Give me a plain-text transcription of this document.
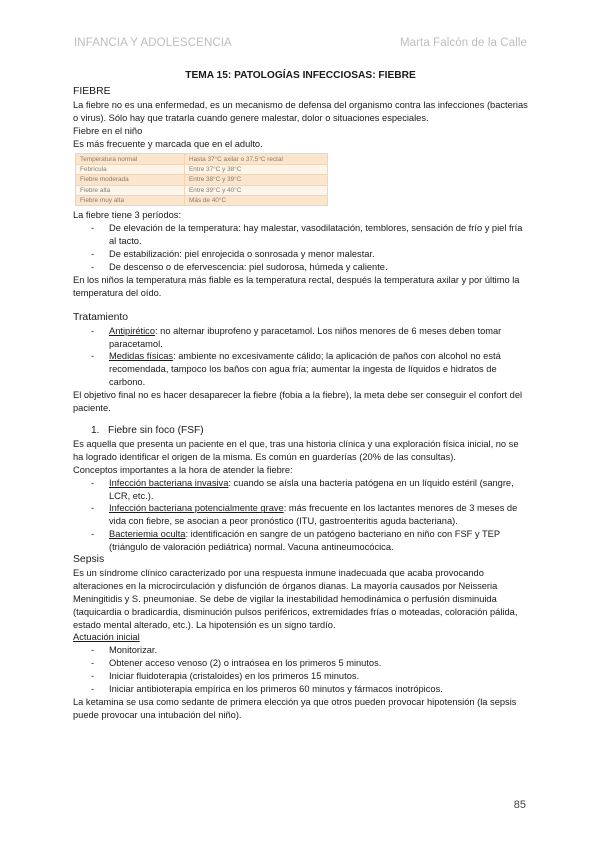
INFANCIA Y ADOLESCENCIA	Marta Falcón de la Calle
TEMA 15: PATOLOGÍAS INFECCIOSAS: FIEBRE

FIEBRE

La fiebre no es una enfermedad, es un mecanismo de defensa del organismo contra las infecciones (bacterias o virus). Sólo hay que tratarla cuando genere malestar, dolor o situaciones especiales.

Fiebre en el niño

Es más frecuente y marcada que en el adulto.

Temperatura normal	Hasta 37°C axilar o 37,5°C rectal
Febrícula	Entre 37°C y 38°C
Fiebre moderada	Entre 38°C y 39°C
Fiebre alta	Entre 39°C y 40°C
Fiebre muy alta	Más de 40°C

La fiebre tiene 3 períodos:

- De elevación de la temperatura: hay malestar, vasodilatación, temblores, sensación de frío y piel fría al tacto.
- De estabilización: piel enrojecida o sonrosada y menor malestar.
- De descenso o de efervescencia: piel sudorosa, húmeda y caliente.

En los niños la temperatura más fiable es la temperatura rectal, después la temperatura axilar y por último la temperatura del oído.

Tratamiento

- Antipirético: no alternar ibuprofeno y paracetamol. Los niños menores de 6 meses deben tomar paracetamol.
- Medidas físicas: ambiente no excesivamente cálido; la aplicación de paños con alcohol no está recomendada, tampoco los baños con agua fría; aumentar la ingesta de líquidos e hidratos de carbono.

El objetivo final no es hacer desaparecer la fiebre (fobia a la fiebre), la meta debe ser conseguir el confort del paciente.

1. Fiebre sin foco (FSF)

Es aquella que presenta un paciente en el que, tras una historia clínica y una exploración física inicial, no se ha logrado identificar el origen de la misma. Es común en guarderías (20% de las consultas).

Conceptos importantes a la hora de atender la fiebre:

- Infección bacteriana invasiva: cuando se aísla una bacteria patógena en un líquido estéril (sangre, LCR, etc.).
- Infección bacteriana potencialmente grave: más frecuente en los lactantes menores de 3 meses de vida con fiebre, se asocian a peor pronóstico (ITU, gastroenteritis aguda bacteriana).
- Bacteriemia oculta: identificación en sangre de un patógeno bacteriano en niño con FSF y TEP (triángulo de valoración pediátrica) normal. Vacuna antineumocócica.

Sepsis

Es un síndrome clínico caracterizado por una respuesta inmune inadecuada que acaba provocando alteraciones en la microcirculación y disfunción de órganos dianas. La mayoría causados por Neisseria Meningitidis y S. pneumoniae. Se debe de vigilar la inestabilidad hemodinámica o perfusión disminuida (taquicardia o bradicardia, disminución pulsos periféricos, extremidades frías o moteadas, coloración pálida, estado mental alterado, etc.). La hipotensión es un signo tardío.

Actuación inicial

- Monitorizar.
- Obtener acceso venoso (2) o intraósea en los primeros 5 minutos.
- Iniciar fluidoterapia (cristaloides) en los primeros 15 minutos.
- Iniciar antibioterapia empírica en los primeros 60 minutos y fármacos inotrópicos.

La ketamina se usa como sedante de primera elección ya que otros pueden provocar hipotensión (la sepsis puede provocar una intubación del niño).

85
